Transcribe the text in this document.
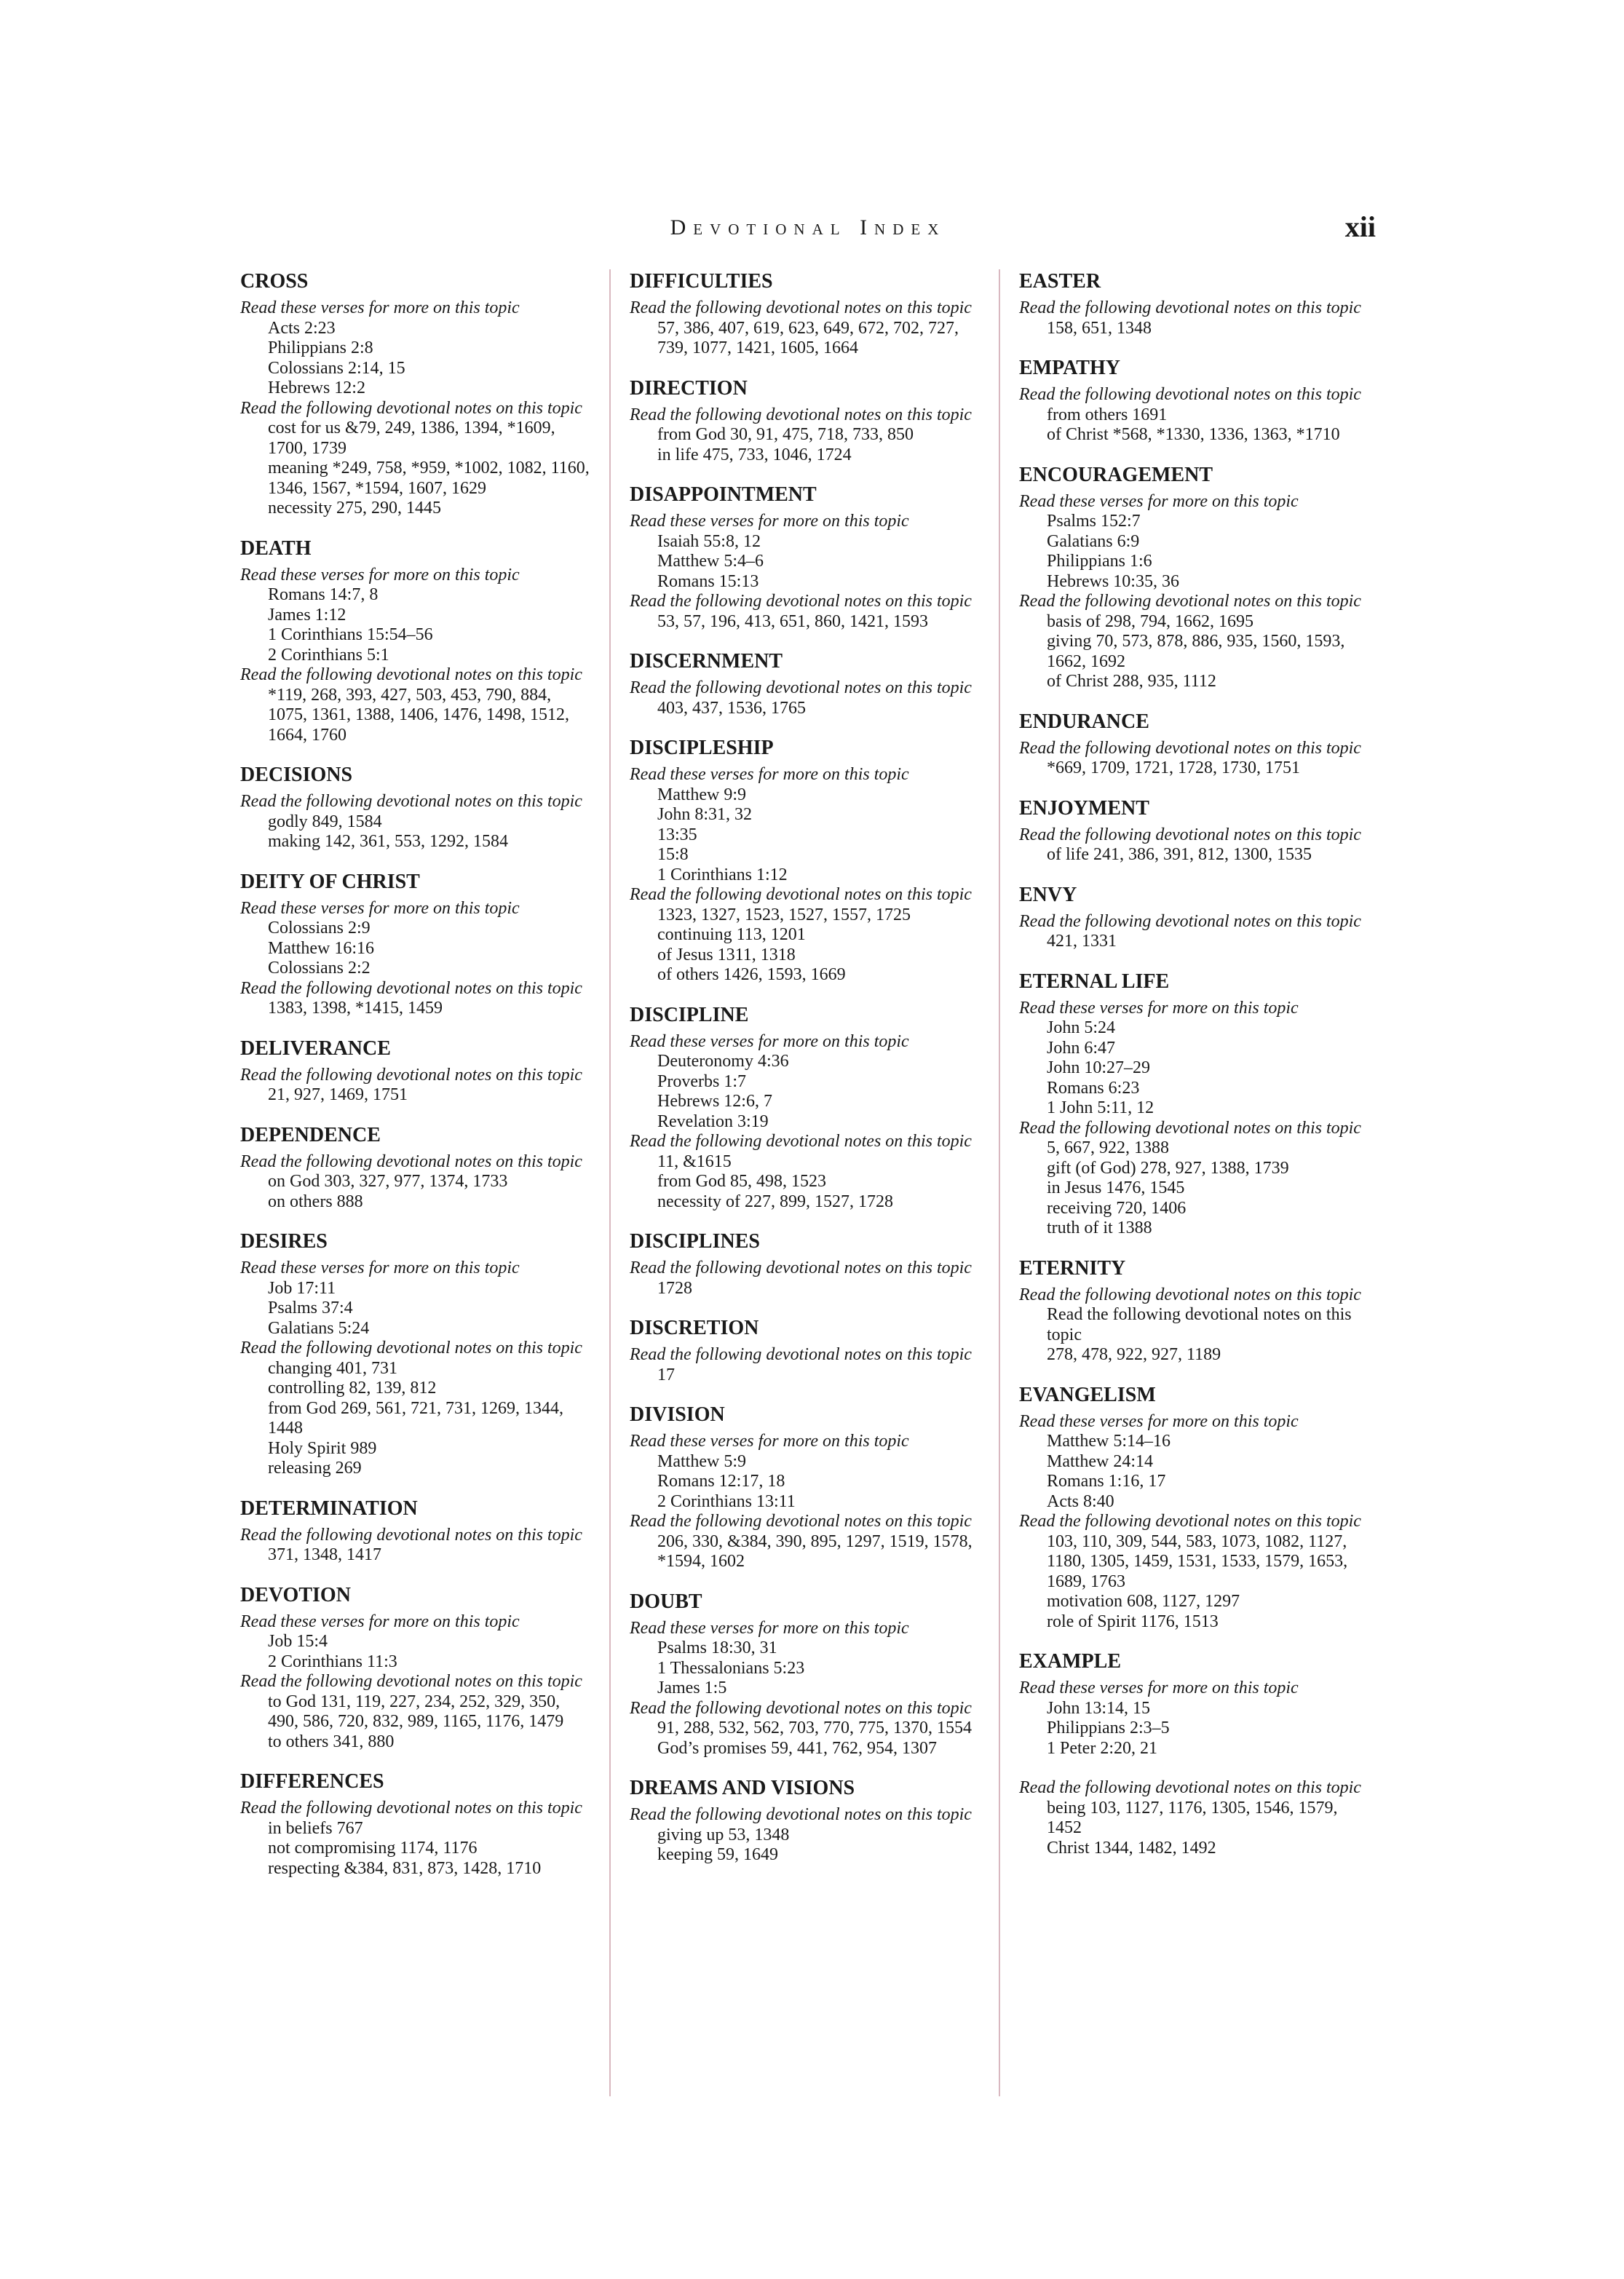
Devotional Index	xii
CROSS
Read these verses for more on this topic
Acts 2:23
Philippians 2:8
Colossians 2:14, 15
Hebrews 12:2
Read the following devotional notes on this topic
cost for us &79, 249, 1386, 1394, *1609, 1700, 1739
meaning *249, 758, *959, *1002, 1082, 1160, 1346, 1567, *1594, 1607, 1629
necessity 275, 290, 1445
DEATH
Read these verses for more on this topic
Romans 14:7, 8
James 1:12
1 Corinthians 15:54–56
2 Corinthians 5:1
Read the following devotional notes on this topic
*119, 268, 393, 427, 503, 453, 790, 884, 1075, 1361, 1388, 1406, 1476, 1498, 1512, 1664, 1760
DECISIONS
Read the following devotional notes on this topic
godly 849, 1584
making 142, 361, 553, 1292, 1584
DEITY OF CHRIST
Read these verses for more on this topic
Colossians 2:9
Matthew 16:16
Colossians 2:2
Read the following devotional notes on this topic
1383, 1398, *1415, 1459
DELIVERANCE
Read the following devotional notes on this topic
21, 927, 1469, 1751
DEPENDENCE
Read the following devotional notes on this topic
on God 303, 327, 977, 1374, 1733
on others 888
DESIRES
Read these verses for more on this topic
Job 17:11
Psalms 37:4
Galatians 5:24
Read the following devotional notes on this topic
changing 401, 731
controlling 82, 139, 812
from God 269, 561, 721, 731, 1269, 1344, 1448
Holy Spirit 989
releasing 269
DETERMINATION
Read the following devotional notes on this topic
371, 1348, 1417
DEVOTION
Read these verses for more on this topic
Job 15:4
2 Corinthians 11:3
Read the following devotional notes on this topic
to God 131, 119, 227, 234, 252, 329, 350, 490, 586, 720, 832, 989, 1165, 1176, 1479
to others 341, 880
DIFFERENCES
Read the following devotional notes on this topic
in beliefs 767
not compromising 1174, 1176
respecting &384, 831, 873, 1428, 1710
DIFFICULTIES
Read the following devotional notes on this topic
57, 386, 407, 619, 623, 649, 672, 702, 727, 739, 1077, 1421, 1605, 1664
DIRECTION
Read the following devotional notes on this topic
from God 30, 91, 475, 718, 733, 850
in life 475, 733, 1046, 1724
DISAPPOINTMENT
Read these verses for more on this topic
Isaiah 55:8, 12
Matthew 5:4–6
Romans 15:13
Read the following devotional notes on this topic
53, 57, 196, 413, 651, 860, 1421, 1593
DISCERNMENT
Read the following devotional notes on this topic
403, 437, 1536, 1765
DISCIPLESHIP
Read these verses for more on this topic
Matthew 9:9
John 8:31, 32
13:35
15:8
1 Corinthians 1:12
Read the following devotional notes on this topic
1323, 1327, 1523, 1527, 1557, 1725
continuing 113, 1201
of Jesus 1311, 1318
of others 1426, 1593, 1669
DISCIPLINE
Read these verses for more on this topic
Deuteronomy 4:36
Proverbs 1:7
Hebrews 12:6, 7
Revelation 3:19
Read the following devotional notes on this topic
11, &1615
from God 85, 498, 1523
necessity of 227, 899, 1527, 1728
DISCIPLINES
Read the following devotional notes on this topic
1728
DISCRETION
Read the following devotional notes on this topic
17
DIVISION
Read these verses for more on this topic
Matthew 5:9
Romans 12:17, 18
2 Corinthians 13:11
Read the following devotional notes on this topic
206, 330, &384, 390, 895, 1297, 1519, 1578, *1594, 1602
DOUBT
Read these verses for more on this topic
Psalms 18:30, 31
1 Thessalonians 5:23
James 1:5
Read the following devotional notes on this topic
91, 288, 532, 562, 703, 770, 775, 1370, 1554
God’s promises 59, 441, 762, 954, 1307
DREAMS AND VISIONS
Read the following devotional notes on this topic
giving up 53, 1348
keeping 59, 1649
EASTER
Read the following devotional notes on this topic
158, 651, 1348
EMPATHY
Read the following devotional notes on this topic
from others 1691
of Christ *568, *1330, 1336, 1363, *1710
ENCOURAGEMENT
Read these verses for more on this topic
Psalms 152:7
Galatians 6:9
Philippians 1:6
Hebrews 10:35, 36
Read the following devotional notes on this topic
basis of 298, 794, 1662, 1695
giving 70, 573, 878, 886, 935, 1560, 1593, 1662, 1692
of Christ 288, 935, 1112
ENDURANCE
Read the following devotional notes on this topic
*669, 1709, 1721, 1728, 1730, 1751
ENJOYMENT
Read the following devotional notes on this topic
of life 241, 386, 391, 812, 1300, 1535
ENVY
Read the following devotional notes on this topic
421, 1331
ETERNAL LIFE
Read these verses for more on this topic
John 5:24
John 6:47
John 10:27–29
Romans 6:23
1 John 5:11, 12
Read the following devotional notes on this topic
5, 667, 922, 1388
gift (of God) 278, 927, 1388, 1739
in Jesus 1476, 1545
receiving 720, 1406
truth of it 1388
ETERNITY
Read the following devotional notes on this topic
Read the following devotional notes on this topic
278, 478, 922, 927, 1189
EVANGELISM
Read these verses for more on this topic
Matthew 5:14–16
Matthew 24:14
Romans 1:16, 17
Acts 8:40
Read the following devotional notes on this topic
103, 110, 309, 544, 583, 1073, 1082, 1127, 1180, 1305, 1459, 1531, 1533, 1579, 1653, 1689, 1763
motivation 608, 1127, 1297
role of Spirit 1176, 1513
EXAMPLE
Read these verses for more on this topic
John 13:14, 15
Philippians 2:3–5
1 Peter 2:20, 21
Read the following devotional notes on this topic
being 103, 1127, 1176, 1305, 1546, 1579, 1452
Christ 1344, 1482, 1492
